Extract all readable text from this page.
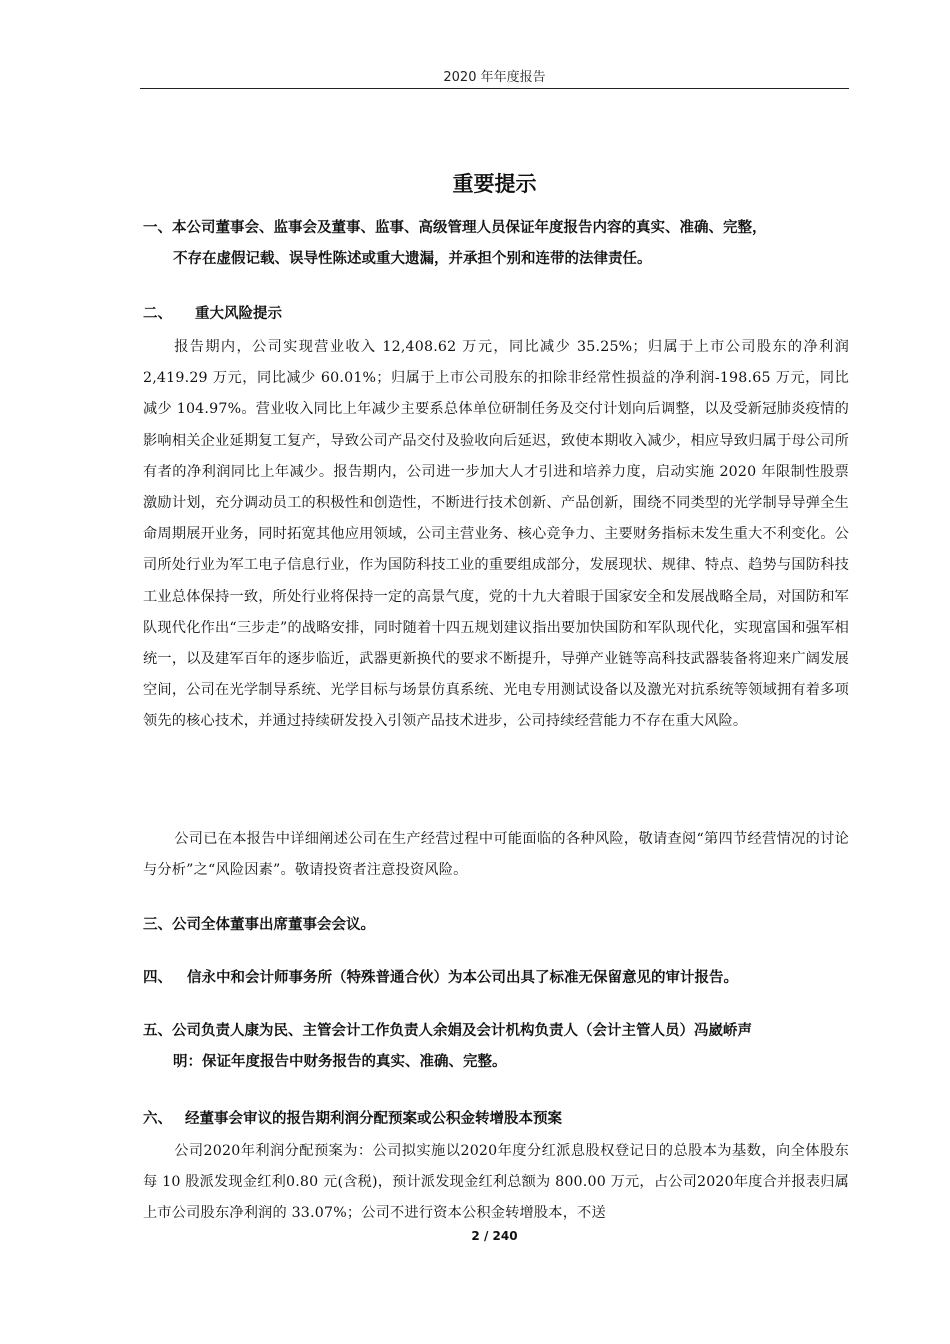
2020 年年度报告
重要提示
一、本公司董事会、监事会及董事、监事、高级管理人员保证年度报告内容的真实、准确、完整，
不存在虚假记载、误导性陈述或重大遗漏，并承担个别和连带的法律责任。
二、 重大风险提示
报告期内，公司实现营业收入 12,408.62 万元，同比减少 35.25%；归属于上市公司股东的净利润 2,419.29 万元，同比减少 60.01%；归属于上市公司股东的扣除非经常性损益的净利润-198.65 万元，同比减少 104.97%。营业收入同比上年减少主要系总体单位研制任务及交付计划向后调整，以及受新冠肺炎疫情的影响相关企业延期复工复产，导致公司产品交付及验收向后延迟，致使本期收入减少，相应导致归属于母公司所有者的净利润同比上年减少。报告期内，公司进一步加大人才引进和培养力度，启动实施 2020 年限制性股票激励计划，充分调动员工的积极性和创造性，不断进行技术创新、产品创新，围绕不同类型的光学制导导弹全生命周期展开业务，同时拓宽其他应用领域，公司主营业务、核心竞争力、主要财务指标未发生重大不利变化。公司所处行业为军工电子信息行业，作为国防科技工业的重要组成部分，发展现状、规律、特点、趋势与国防科技工业总体保持一致，所处行业将保持一定的高景气度，党的十九大着眼于国家安全和发展战略全局，对国防和军队现代化作出“三步走”的战略安排，同时随着十四五规划建议指出要加快国防和军队现代化，实现富国和强军相统一，以及建军百年的逐步临近，武器更新换代的要求不断提升，导弹产业链等高科技武器装备将迎来广阔发展空间，公司在光学制导系统、光学目标与场景仿真系统、光电专用测试设备以及激光对抗系统等领域拥有着多项领先的核心技术，并通过持续研发投入引领产品技术进步，公司持续经营能力不存在重大风险。
公司已在本报告中详细阐述公司在生产经营过程中可能面临的各种风险，敬请查阅“第四节经营情况的讨论与分析”之“风险因素”。敬请投资者注意投资风险。
三、公司全体董事出席董事会会议。
四、 信永中和会计师事务所（特殊普通合伙）为本公司出具了标准无保留意见的审计报告。
五、公司负责人康为民、主管会计工作负责人余娟及会计机构负责人（会计主管人员）冯崴峤声
明：保证年度报告中财务报告的真实、准确、完整。
六、 经董事会审议的报告期利润分配预案或公积金转增股本预案
公司2020年利润分配预案为：公司拟实施以2020年度分红派息股权登记日的总股本为基数，向全体股东每 10 股派发现金红利0.80 元(含税)，预计派发现金红利总额为 800.00 万元，占公司2020年度合并报表归属上市公司股东净利润的 33.07%；公司不进行资本公积金转增股本，不送
2 / 240
